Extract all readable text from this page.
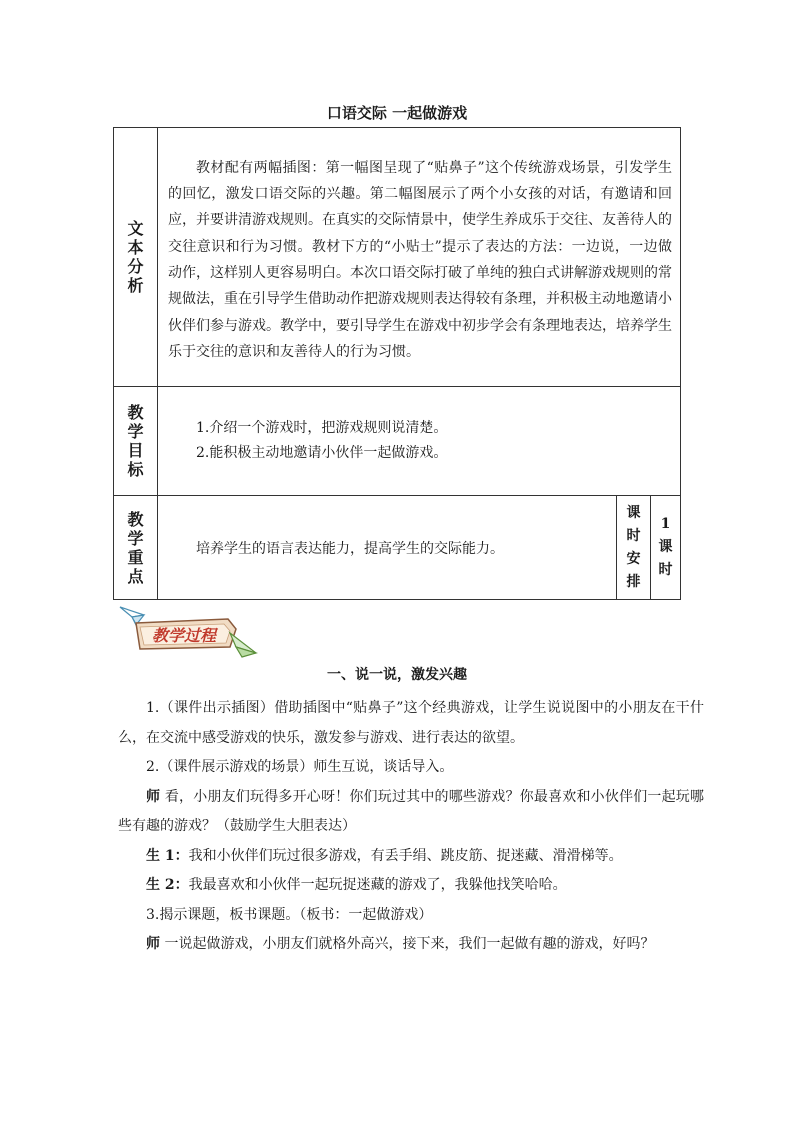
口语交际 一起做游戏
文本分析	教材配有两幅插图：第一幅图呈现了“贴鼻子”这个传统游戏场景，引发学生的回忆，激发口语交际的兴趣。第二幅图展示了两个小女孩的对话，有邀请和回应，并要讲清游戏规则。在真实的交际情景中，使学生养成乐于交往、友善待人的交往意识和行为习惯。教材下方的“小贴士”提示了表达的方法：一边说，一边做动作，这样别人更容易明白。本次口语交际打破了单纯的独白式讲解游戏规则的常规做法，重在引导学生借助动作把游戏规则表达得较有条理，并积极主动地邀请小伙伴们参与游戏。教学中，要引导学生在游戏中初步学会有条理地表达，培养学生乐于交往的意识和友善待人的行为习惯。		

教学目标	1.介绍一个游戏时，把游戏规则说清楚。
2.能积极主动地邀请小伙伴一起做游戏。		

教学重点	培养学生的语言表达能力，提高学生的交际能力。	课时安排	1课时
教学过程
一、说一说，激发兴趣

1.（课件出示插图）借助插图中“贴鼻子”这个经典游戏，让学生说说图中的小朋友在干什么，在交流中感受游戏的快乐，激发参与游戏、进行表达的欲望。

2.（课件展示游戏的场景）师生互说，谈话导入。

师 看，小朋友们玩得多开心呀！你们玩过其中的哪些游戏？你最喜欢和小伙伴们一起玩哪些有趣的游戏？（鼓励学生大胆表达）

生 1：我和小伙伴们玩过很多游戏，有丢手绢、跳皮筋、捉迷藏、滑滑梯等。

生 2：我最喜欢和小伙伴一起玩捉迷藏的游戏了，我躲他找笑哈哈。

3.揭示课题，板书课题。（板书：一起做游戏）

师 一说起做游戏，小朋友们就格外高兴，接下来，我们一起做有趣的游戏，好吗？
